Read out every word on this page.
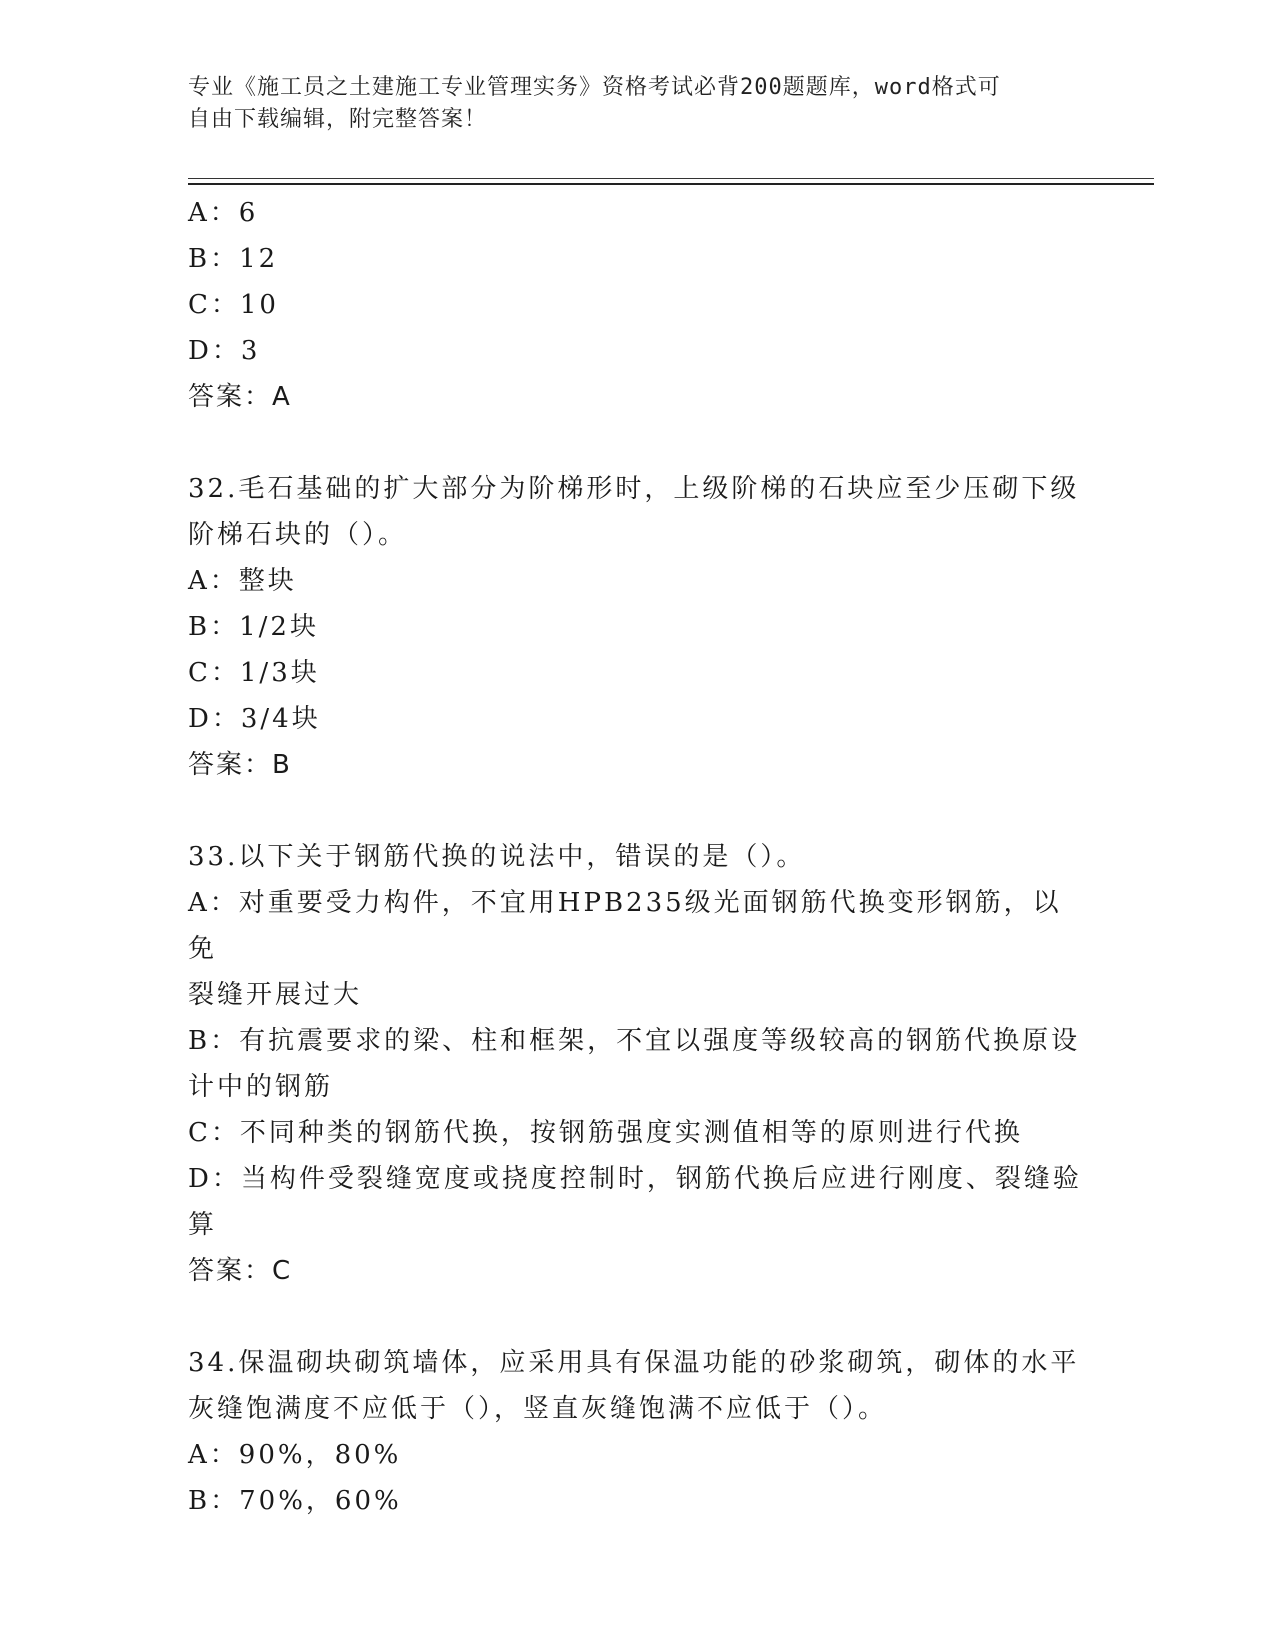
专业《施工员之土建施工专业管理实务》资格考试必背200题题库，word格式可
自由下载编辑，附完整答案！

A：6

B：12

C：10

D：3

答案：A

32.毛石基础的扩大部分为阶梯形时，上级阶梯的石块应至少压砌下级

阶梯石块的（）。

A：整块

B：1/2块

C：1/3块

D：3/4块

答案：B

33.以下关于钢筋代换的说法中，错误的是（）。

A：对重要受力构件，不宜用HPB235级光面钢筋代换变形钢筋，以免

裂缝开展过大

B：有抗震要求的梁、柱和框架，不宜以强度等级较高的钢筋代换原设

计中的钢筋

C：不同种类的钢筋代换，按钢筋强度实测值相等的原则进行代换

D：当构件受裂缝宽度或挠度控制时，钢筋代换后应进行刚度、裂缝验

算

答案：C

34.保温砌块砌筑墙体，应采用具有保温功能的砂浆砌筑，砌体的水平

灰缝饱满度不应低于（），竖直灰缝饱满不应低于（）。

A：90%，80%

B：70%，60%
